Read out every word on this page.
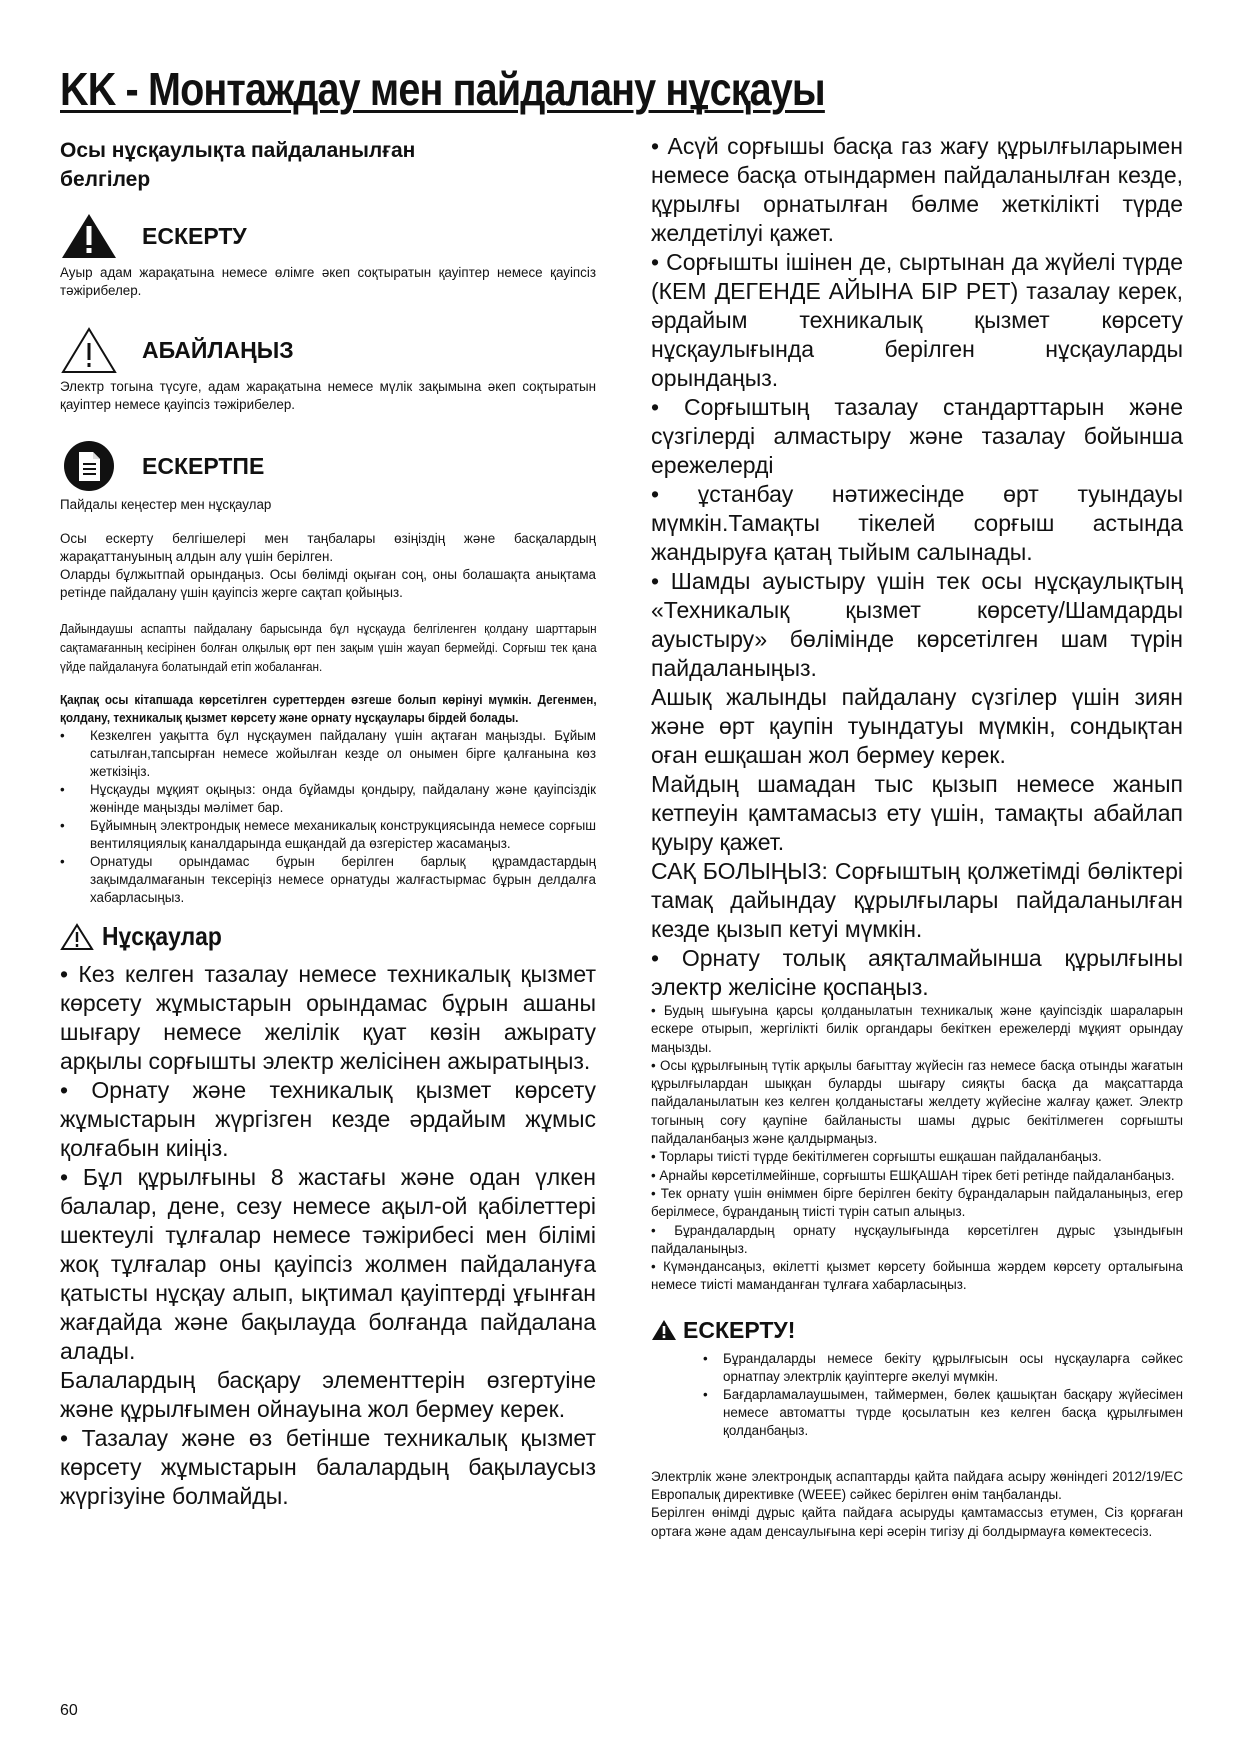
KK - Монтаждау мен пайдалану нұсқауы
Осы нұсқаулықта пайдаланылған белгілер
ЕСКЕРТУ
Ауыр адам жарақатына немесе өлімге әкеп соқтыратын қауіптер немесе қауіпсіз тәжірибелер.
АБАЙЛАҢЫЗ
Электр тогына түсуге, адам жарақатына немесе мүлік зақымына әкеп соқтыратын қауіптер немесе қауіпсіз тәжірибелер.
ЕСКЕРТПЕ
Пайдалы кеңестер мен нұсқаулар

Осы ескерту белгішелері мен таңбалары өзіңіздің және басқалардың жарақаттануының алдын алу үшін берілген.

Оларды бұлжытпай орындаңыз. Осы бөлімді оқыған соң, оны болашақта анықтама ретінде пайдалану үшін қауіпсіз жерге сақтап қойыңыз.

Дайындаушы аспапты пайдалану барысында бұл нұсқауда белгіленген қолдану шарттарын сақтамағанның кесірінен болған олқылық өрт пен зақым үшін жауап бермейді. Сорғыш тек қана үйде пайдалануға болатындай етіп жобаланған.
Қақпақ осы кітапшада көрсетілген суреттерден өзгеше болып көрінуі мүмкін. Дегенмен, қолдану, техникалық қызмет көрсету және орнату нұсқаулары бірдей болады.
• Кезкелген уақытта бұл нұсқаумен пайдалану үшін ақтаған маңызды. Бұйым сатылған,тапсырған немесе жойылған кезде ол онымен бірге қалғанына көз жеткізіңіз.
• Нұсқауды мұқият оқыңыз: онда бұйамды қондыру, пайдалану және қауіпсіздік жөнінде маңызды мәлімет бар.
• Бұйымның электрондық немесе механикалық конструкциясында немесе сорғыш вентиляциялық каналдарында ешқандай да өзгерістер жасамаңыз.
• Орнатуды орындамас бұрын берілген барлық құрамдастардың зақымдалмағанын тексеріңіз немесе орнатуды жалғастырмас бұрын делдалға хабарласыңыз.
Нұсқаулар

• Кез келген тазалау немесе техникалық қызмет көрсету жұмыстарын орындамас бұрын ашаны шығару немесе желілік қуат көзін ажырату арқылы сорғышты электр желісінен ажыратыңыз.

• Орнату және техникалық қызмет көрсету жұмыстарын жүргізген кезде әрдайым жұмыс қолғабын киіңіз.

• Бұл құрылғыны 8 жастағы және одан үлкен балалар, дене, сезу немесе ақыл-ой қабілеттері шектеулі тұлғалар немесе тәжірибесі мен білімі жоқ тұлғалар оны қауіпсіз жолмен пайдалануға қатысты нұсқау алып, ықтимал қауіптерді ұғынған жағдайда және бақылауда болғанда пайдалана алады.

Балалардың басқару элементтерін өзгертуіне және құрылғымен ойнауына жол бермеу керек.

• Тазалау және өз бетінше техникалық қызмет көрсету жұмыстарын балалардың бақылаусыз жүргізуіне болмайды.

• Асүй сорғышы басқа газ жағу құрылғыларымен немесе басқа отындармен пайдаланылған кезде, құрылғы орнатылған бөлме жеткілікті түрде желдетілуі қажет.

• Сорғышты ішінен де, сыртынан да жүйелі түрде (КЕМ ДЕГЕНДЕ АЙЫНА БІР РЕТ) тазалау керек, әрдайым техникалық қызмет көрсету нұсқаулығында берілген нұсқауларды орындаңыз.

• Сорғыштың тазалау стандарттарын және сүзгілерді алмастыру және тазалау бойынша ережелерді

• ұстанбау нәтижесінде өрт туындауы мүмкін.Тамақты тікелей сорғыш астында жандыруға қатаң тыйым салынады.

• Шамды ауыстыру үшін тек осы нұсқаулықтың «Техникалық қызмет көрсету/Шамдарды ауыстыру» бөлімінде көрсетілген шам түрін пайдаланыңыз.

Ашық жалынды пайдалану сүзгілер үшін зиян және өрт қаупін туындатуы мүмкін, сондықтан оған ешқашан жол бермеу керек.

Майдың шамадан тыс қызып немесе жанып кетпеуін қамтамасыз ету үшін, тамақты абайлап қуыру қажет.

САҚ БОЛЫҢЫЗ: Сорғыштың қолжетімді бөліктері тамақ дайындау құрылғылары пайдаланылған кезде қызып кетуі мүмкін.

• Орнату толық аяқталмайынша құрылғыны электр желісіне қоспаңыз.

• Будың шығуына қарсы қолданылатын техникалық және қауіпсіздік шараларын ескере отырып, жергілікті билік органдары бекіткен ережелерді мұқият орындау маңызды.

• Осы құрылғының түтік арқылы бағыттау жүйесін газ немесе басқа отынды жағатын құрылғылардан шыққан буларды шығару сияқты басқа да мақсаттарда пайдаланылатын кез келген қолданыстағы желдету жүйесіне жалғау қажет. Электр тогының соғу қаупіне байланысты шамы дұрыс бекітілмеген сорғышты пайдаланбаңыз және қалдырмаңыз.

• Торлары тиісті түрде бекітілмеген сорғышты ешқашан пайдаланбаңыз.

• Арнайы көрсетілмейінше, сорғышты ЕШҚАШАН тірек беті ретінде пайдаланбаңыз.

• Тек орнату үшін өніммен бірге берілген бекіту бұрандаларын пайдаланыңыз, егер берілмесе, бұранданың тиісті түрін сатып алыңыз.

• Бұрандалардың орнату нұсқаулығында көрсетілген дұрыс ұзындығын пайдаланыңыз.

• Күмәндансаңыз, өкілетті қызмет көрсету бойынша жәрдем көрсету орталығына немесе тиісті маманданған тұлғаға хабарласыңыз.

ЕСКЕРТУ!
• Бұрандаларды немесе бекіту құрылғысын осы нұсқауларға сәйкес орнатпау электрлік қауіптерге әкелуі мүмкін.
• Бағдарламалаушымен, таймермен, бөлек қашықтан басқару жүйесімен немесе автоматты түрде қосылатын кез келген басқа құрылғымен қолданбаңыз.

Электрлік және электрондық аспаптарды қайта пайдаға асыру жөніндегі 2012/19/EC Европалық директивке (WEEE) сәйкес берілген өнім таңбаланды.

Берілген өнімді дұрыс қайта пайдаға асыруды қамтамассыз етумен, Сіз қорғаған ортаға және адам денсаулығына кері әсерін тигізу ді болдырмауға көмектесесіз.

60
